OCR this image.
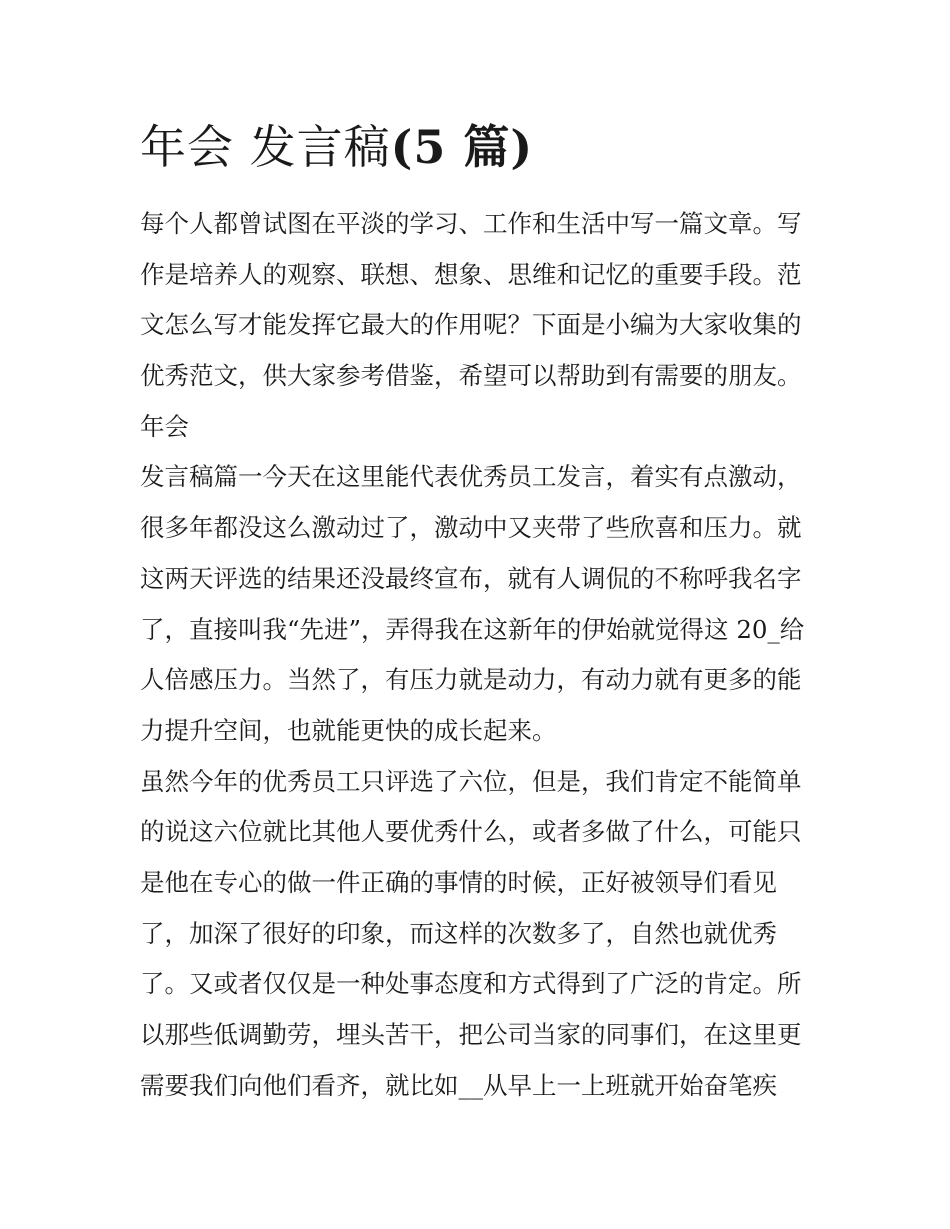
年会 发言稿(5 篇)
每个人都曾试图在平淡的学习、工作和生活中写一篇文章。写
作是培养人的观察、联想、想象、思维和记忆的重要手段。范
文怎么写才能发挥它最大的作用呢？下面是小编为大家收集的
优秀范文，供大家参考借鉴，希望可以帮助到有需要的朋友。
年会
发言稿篇一今天在这里能代表优秀员工发言，着实有点激动，
很多年都没这么激动过了，激动中又夹带了些欣喜和压力。就
这两天评选的结果还没最终宣布，就有人调侃的不称呼我名字
了，直接叫我“先进”，弄得我在这新年的伊始就觉得这 20_给
人倍感压力。当然了，有压力就是动力，有动力就有更多的能
力提升空间，也就能更快的成长起来。
虽然今年的优秀员工只评选了六位，但是，我们肯定不能简单
的说这六位就比其他人要优秀什么，或者多做了什么，可能只
是他在专心的做一件正确的事情的时候，正好被领导们看见
了，加深了很好的印象，而这样的次数多了，自然也就优秀
了。又或者仅仅是一种处事态度和方式得到了广泛的肯定。所
以那些低调勤劳，埋头苦干，把公司当家的同事们，在这里更
需要我们向他们看齐，就比如__从早上一上班就开始奋笔疾
